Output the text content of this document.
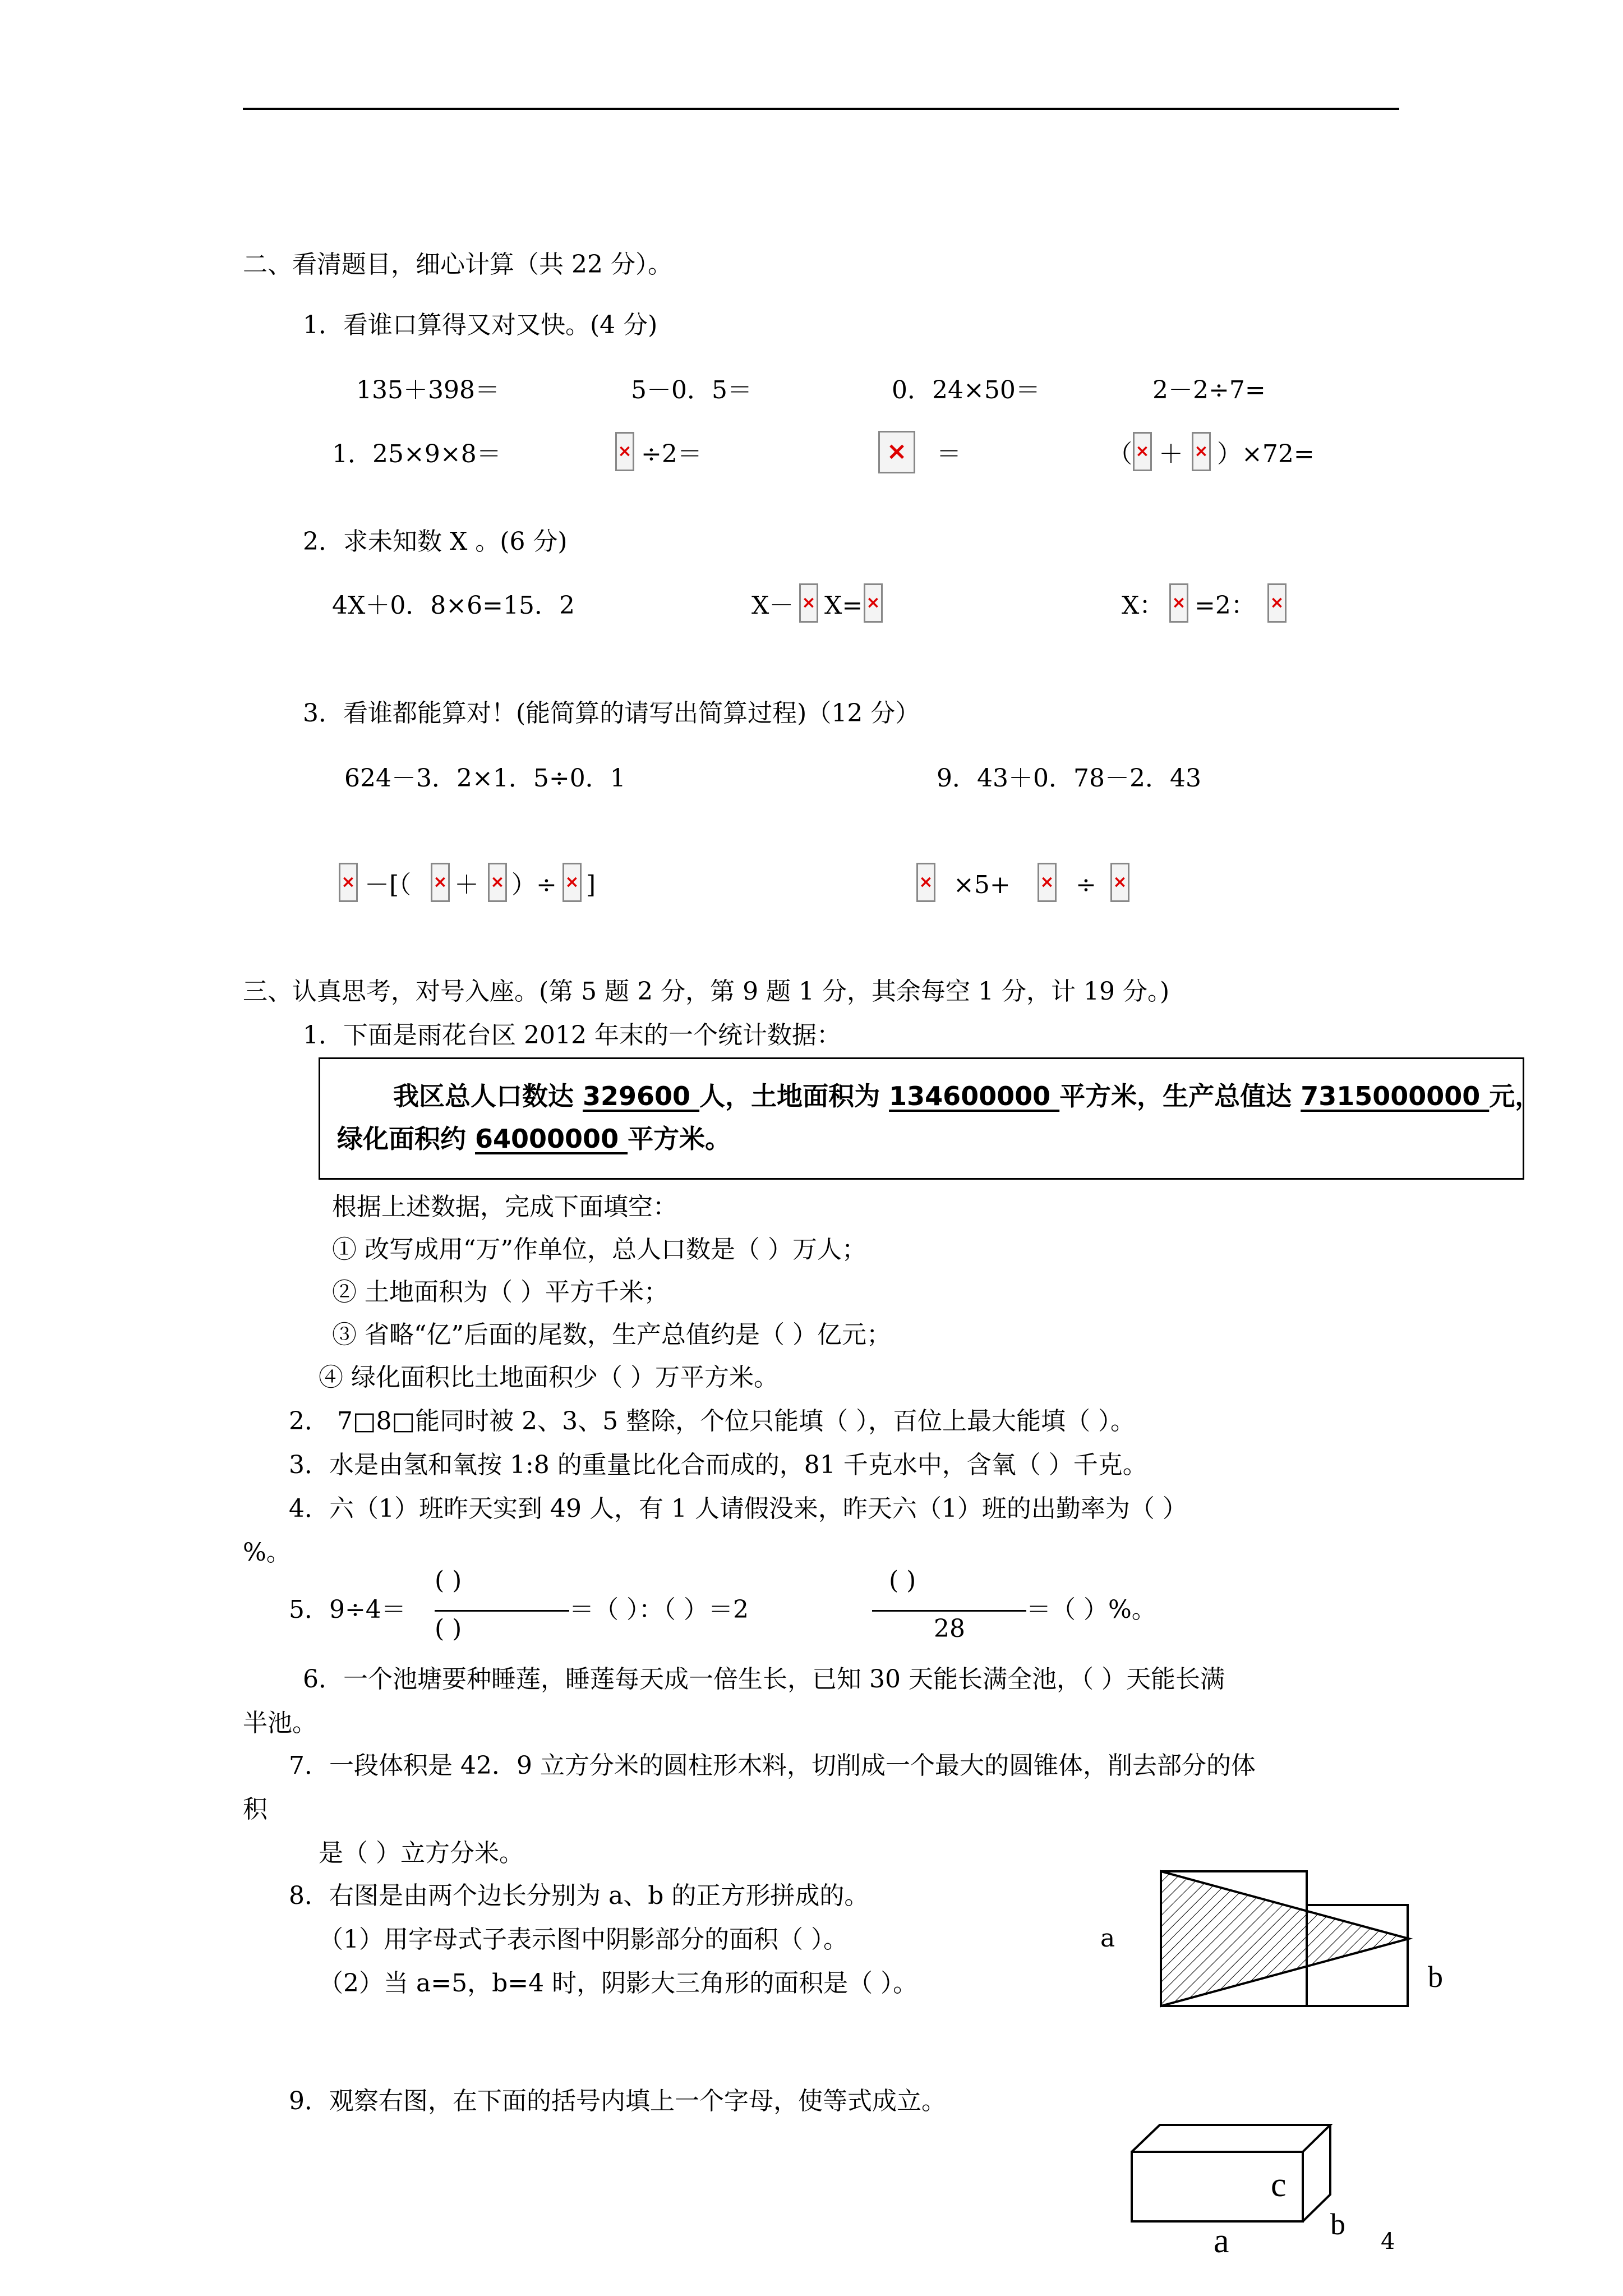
二、看清题目，细心计算（共 22 分）。
1．看谁口算得又对又快。(4 分)
135＋398＝	5－0．5＝	0．24×50＝	2－2÷7=
1．25×9×8＝ ×	÷2＝ ×	＝	（ × ＋ × ）×72=
2．求未知数 X 。(6 分)
4X＋0．8×6=15．2	X－ × X= ×	X： × =2：
×
3．看谁都能算对！(能简算的请写出简算过程)（12 分）
624－3．2×1．5÷0．1	9．43＋0．78－2．43
×
－[（ × ＋ × ）÷ × ] ×	×5+ ×	÷
×
三、认真思考，对号入座。(第 5 题 2 分，第 9 题 1 分，其余每空 1 分，计 19 分。)
1．下面是雨花台区 2012 年末的一个统计数据：
我区总人口数达 329600 人，土地面积为 134600000 平方米，生产总值达 7315000000 元，
绿化面积约 64000000 平方米。
根据上述数据，完成下面填空：
① 改写成用“万”作单位，总人口数是（ ）万人；
② 土地面积为（ ）平方千米；
③ 省略“亿”后面的尾数，生产总值约是（ ）亿元；
④ 绿化面积比土地面积少（ ）万平方米。
2． 7□8□能同时被 2、3、5 整除，个位只能填（ ），百位上最大能填（ ）。
3．水是由氢和氧按 1:8 的重量比化合而成的，81 千克水中，含氧（ ）千克。
4．六（1）班昨天实到 49 人，有 1 人请假没来，昨天六（1）班的出勤率为（ ）
%。
5．9÷4＝
( )
( )
＝（ ）：（ ）＝2
( )
28
＝（ ）%。
6．一个池塘要种睡莲，睡莲每天成一倍生长，已知 30 天能长满全池，（ ）天能长满
半池。
7．一段体积是 42．9 立方分米的圆柱形木料，切削成一个最大的圆锥体，削去部分的体
积
是（ ）立方分米。
8．右图是由两个边长分别为 a、b 的正方形拼成的。
（1）用字母式子表示图中阴影部分的面积（ ）。
（2）当 a=5，b=4 时，阴影大三角形的面积是（ ）。
a
b
9．观察右图，在下面的括号内填上一个字母，使等式成立。
c
a	b
4
